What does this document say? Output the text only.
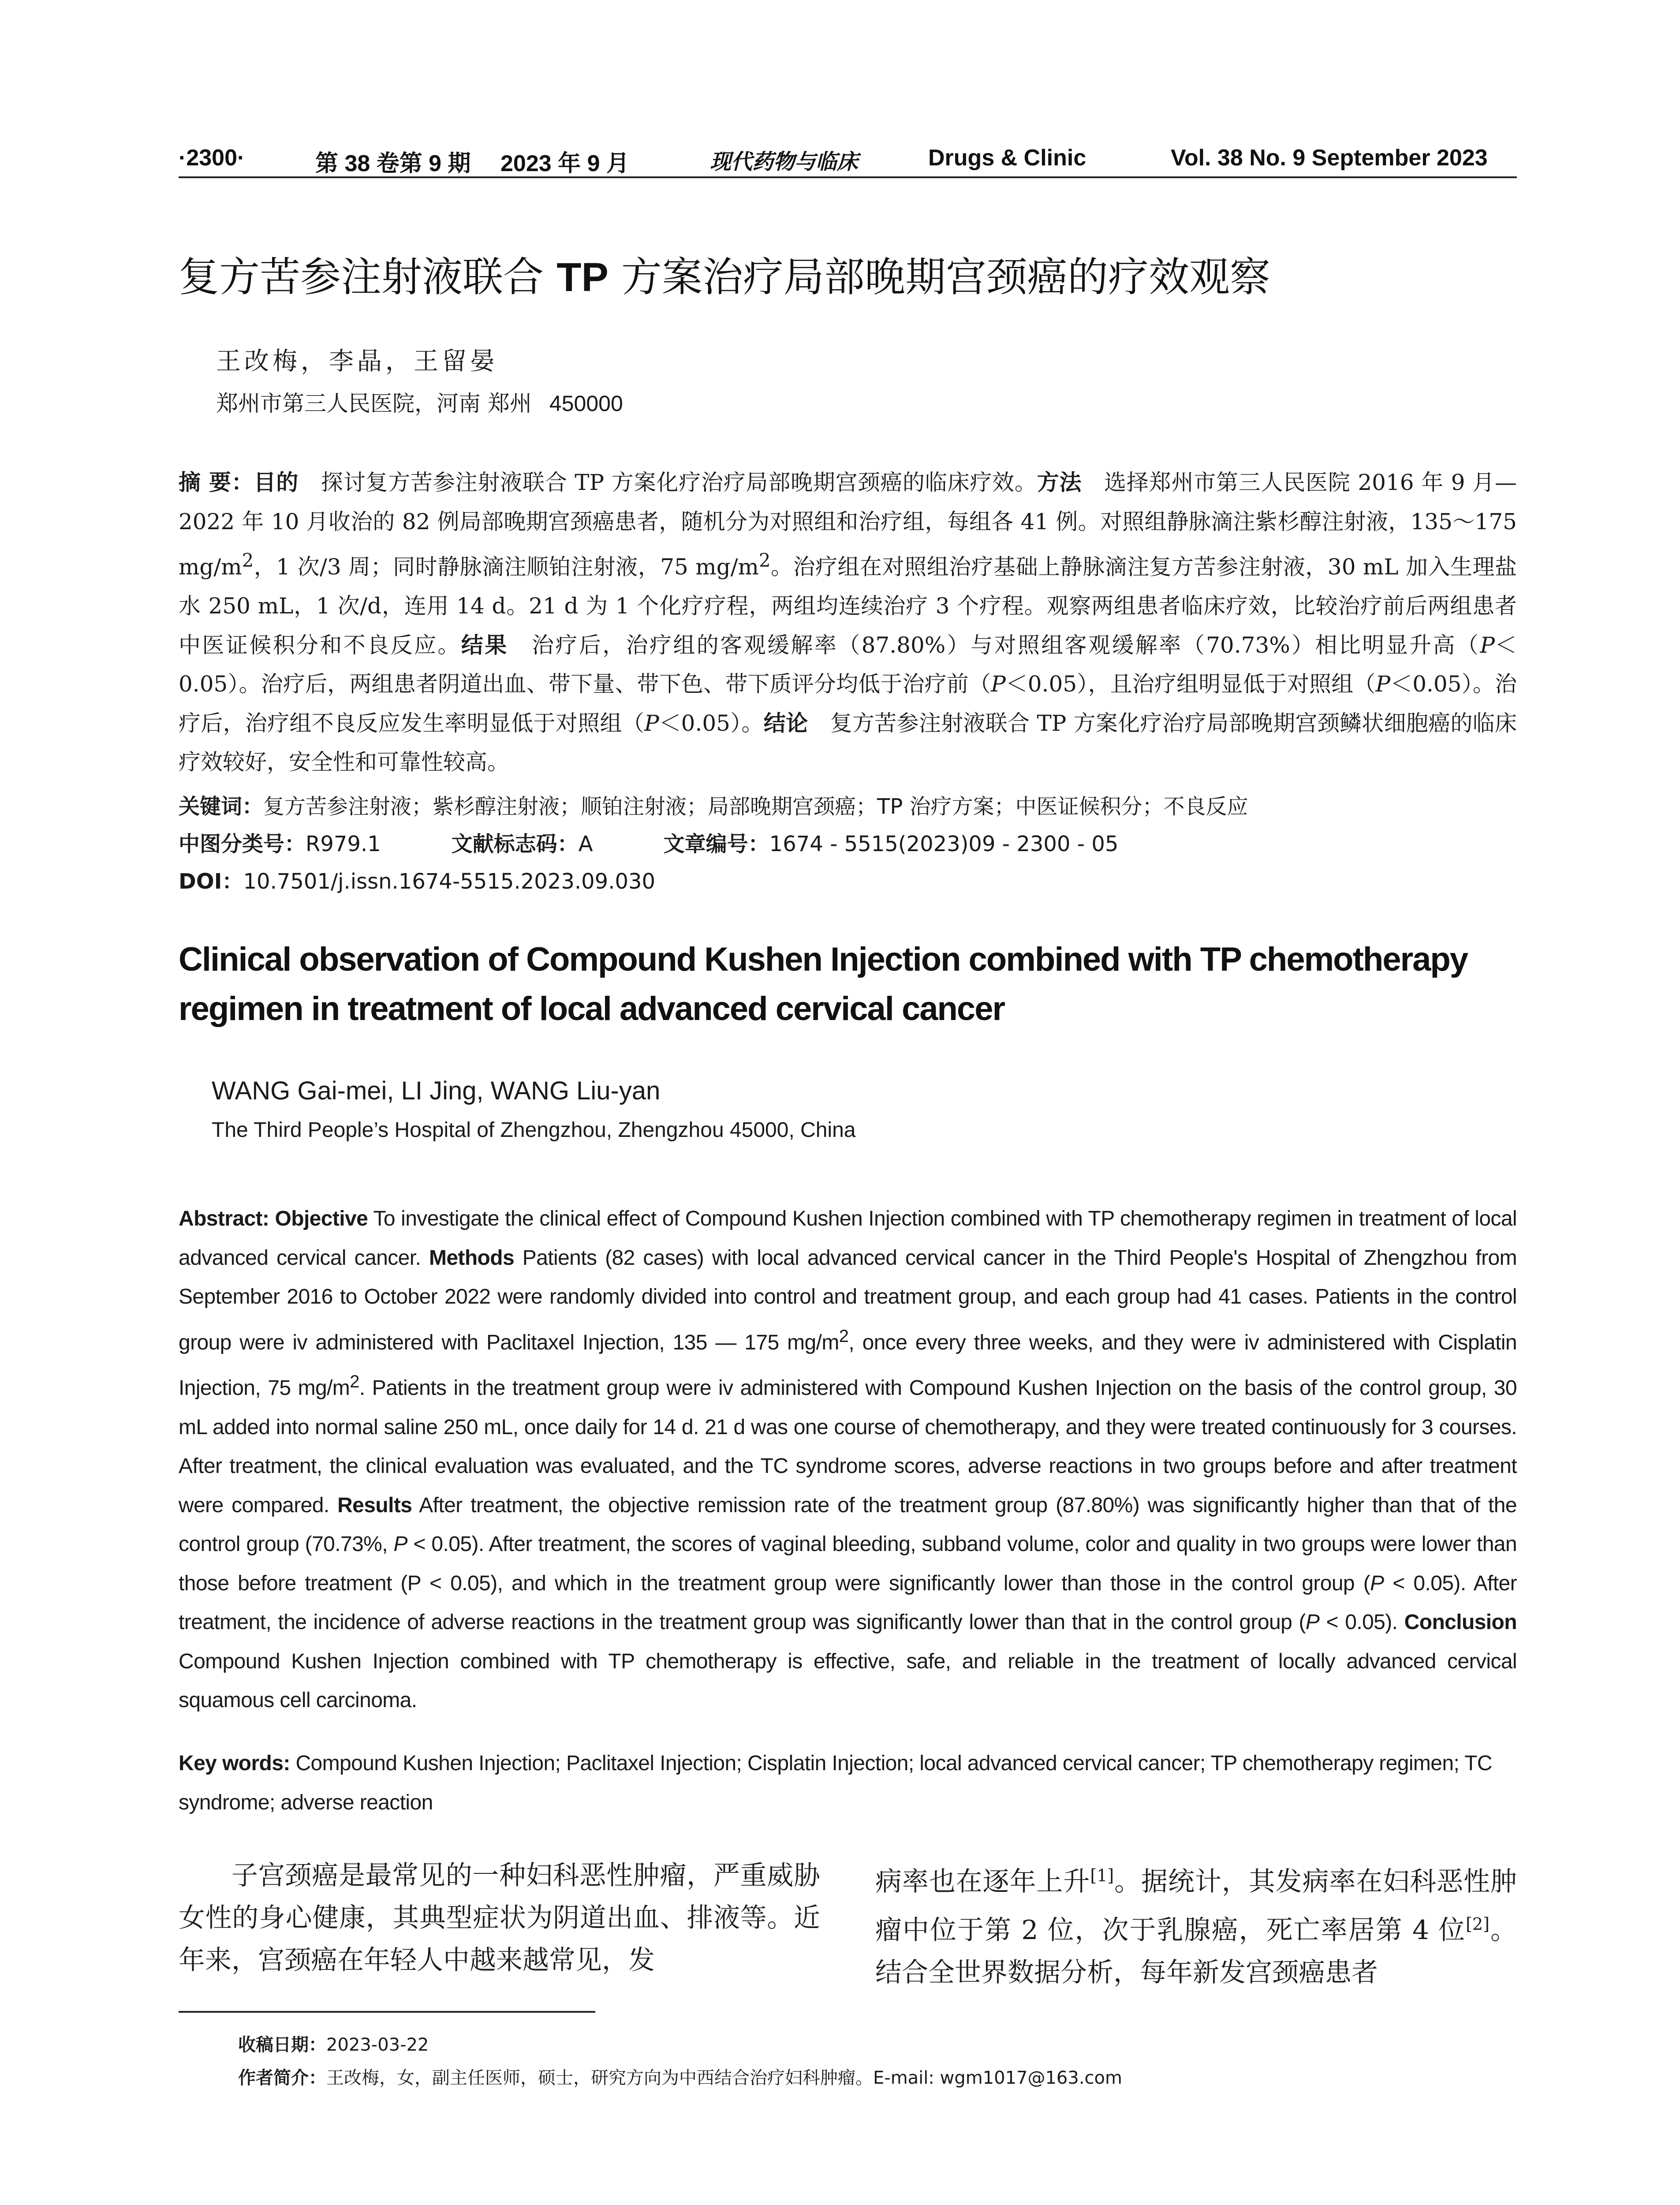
·2300·	第 38 卷第 9 期 2023 年 9 月	现代药物与临床	Drugs & Clinic	Vol. 38 No. 9 September 2023
复方苦参注射液联合 TP 方案治疗局部晚期宫颈癌的疗效观察
王改梅，李晶，王留晏
郑州市第三人民医院，河南 郑州 450000
摘 要：目的　探讨复方苦参注射液联合 TP 方案化疗治疗局部晚期宫颈癌的临床疗效。方法　选择郑州市第三人民医院 2016 年 9 月—2022 年 10 月收治的 82 例局部晚期宫颈癌患者，随机分为对照组和治疗组，每组各 41 例。对照组静脉滴注紫杉醇注射液，135～175 $mg/m^2$，1 次/3 周；同时静脉滴注顺铂注射液，75 $mg/m^2$。治疗组在对照组治疗基础上静脉滴注复方苦参注射液，30 mL 加入生理盐水 250 mL，1 次/d，连用 14 d。21 d 为 1 个化疗疗程，两组均连续治疗 3 个疗程。观察两组患者临床疗效，比较治疗前后两组患者中医证候积分和不良反应。结果　治疗后，治疗组的客观缓解率（87.80%）与对照组客观缓解率（70.73%）相比明显升高（P＜0.05）。治疗后，两组患者阴道出血、带下量、带下色、带下质评分均低于治疗前（P＜0.05），且治疗组明显低于对照组（P＜0.05）。治疗后，治疗组不良反应发生率明显低于对照组（P＜0.05）。结论　复方苦参注射液联合 TP 方案化疗治疗局部晚期宫颈鳞状细胞癌的临床疗效较好，安全性和可靠性较高。
关键词：复方苦参注射液；紫杉醇注射液；顺铂注射液；局部晚期宫颈癌；TP 治疗方案；中医证候积分；不良反应
中图分类号：R979.1	文献标志码：A	文章编号：1674 - 5515(2023)09 - 2300 - 05
DOI：10.7501/j.issn.1674-5515.2023.09.030
Clinical observation of Compound Kushen Injection combined with TP chemotherapy regimen in treatment of local advanced cervical cancer
WANG Gai-mei, LI Jing, WANG Liu-yan
The Third People’s Hospital of Zhengzhou, Zhengzhou 45000, China
Abstract: Objective To investigate the clinical effect of Compound Kushen Injection combined with TP chemotherapy regimen in treatment of local advanced cervical cancer. Methods Patients (82 cases) with local advanced cervical cancer in the Third People's Hospital of Zhengzhou from September 2016 to October 2022 were randomly divided into control and treatment group, and each group had 41 cases. Patients in the control group were iv administered with Paclitaxel Injection, 135 — 175 $mg/m^2$, once every three weeks, and they were iv administered with Cisplatin Injection, 75 $mg/m^2$. Patients in the treatment group were iv administered with Compound Kushen Injection on the basis of the control group, 30 mL added into normal saline 250 mL, once daily for 14 d. 21 d was one course of chemotherapy, and they were treated continuously for 3 courses. After treatment, the clinical evaluation was evaluated, and the TC syndrome scores, adverse reactions in two groups before and after treatment were compared. Results After treatment, the objective remission rate of the treatment group (87.80%) was significantly higher than that of the control group (70.73%, P < 0.05). After treatment, the scores of vaginal bleeding, subband volume, color and quality in two groups were lower than those before treatment (P < 0.05), and which in the treatment group were significantly lower than those in the control group (P < 0.05). After treatment, the incidence of adverse reactions in the treatment group was significantly lower than that in the control group (P < 0.05). Conclusion Compound Kushen Injection combined with TP chemotherapy is effective, safe, and reliable in the treatment of locally advanced cervical squamous cell carcinoma.
Key words: Compound Kushen Injection; Paclitaxel Injection; Cisplatin Injection; local advanced cervical cancer; TP chemotherapy regimen; TC syndrome; adverse reaction
子宫颈癌是最常见的一种妇科恶性肿瘤，严重威胁女性的身心健康，其典型症状为阴道出血、排液等。近年来，宫颈癌在年轻人中越来越常见，发
病率也在逐年上升[1]。据统计，其发病率在妇科恶性肿瘤中位于第 2 位，次于乳腺癌，死亡率居第 4 位[2]。结合全世界数据分析，每年新发宫颈癌患者
收稿日期：2023-03-22
作者简介：王改梅，女，副主任医师，硕士，研究方向为中西结合治疗妇科肿瘤。E-mail: wgm1017@163.com
